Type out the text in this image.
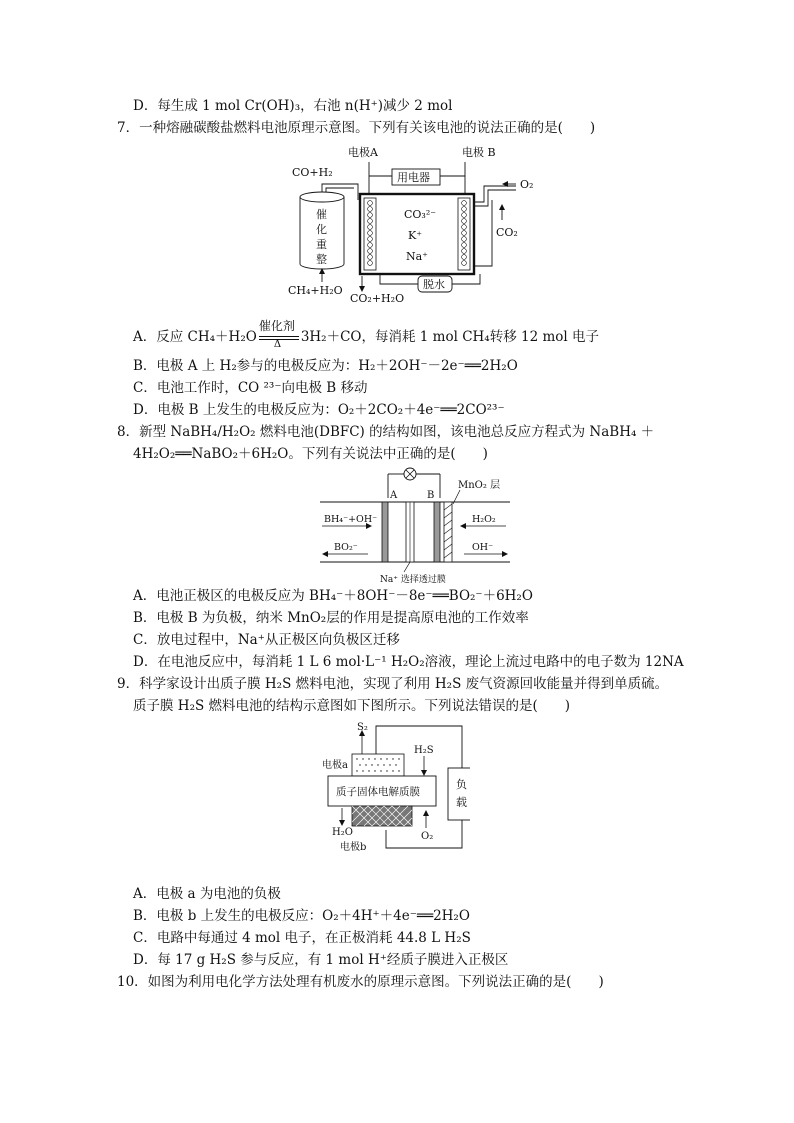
D．每生成 1 mol Cr(OH)₃，右池 n(H⁺)减少 2 mol
7．一种熔融碳酸盐燃料电池原理示意图。下列有关该电池的说法正确的是(　　)
电极A	电极 B
CO+H₂	用电器
催
化
重
整
CH₄+H₂O
CO₃²⁻
K⁺
Na⁺
O₂
CO₂
脱水
CO₂+H₂O
A．反应 CH₄＋H₂O
催化剂
Δ 3H₂＋CO，每消耗 1 mol CH₄转移 12 mol 电子
B．电极 A 上 H₂参与的电极反应为：H₂＋2OH⁻－2e⁻══2H₂O
C．电池工作时，CO ²³⁻向电极 B 移动
D．电极 B 上发生的电极反应为：O₂＋2CO₂＋4e⁻══2CO²³⁻
8．新型 NaBH₄/H₂O₂ 燃料电池(DBFC) 的结构如图，该电池总反应方程式为 NaBH₄ ＋
4H₂O₂══NaBO₂＋6H₂O。下列有关说法中正确的是(　　)
A	B
MnO₂ 层
BH₄⁻+OH⁻
BO₂⁻
H₂O₂
OH⁻
Na⁺ 选择透过膜
A．电池正极区的电极反应为 BH₄⁻＋8OH⁻－8e⁻══BO₂⁻＋6H₂O
B．电极 B 为负极，纳米 MnO₂层的作用是提高原电池的工作效率
C．放电过程中，Na⁺从正极区向负极区迁移
D．在电池反应中，每消耗 1 L 6 mol·L⁻¹ H₂O₂溶液，理论上流过电路中的电子数为 12NA
9．科学家设计出质子膜 H₂S 燃料电池，实现了利用 H₂S 废气资源回收能量并得到单质硫。
质子膜 H₂S 燃料电池的结构示意图如下图所示。下列说法错误的是(　　)
负
载
S₂
H₂S
电极a
质子固体电解质膜
H₂O	O₂
电极b
A．电极 a 为电池的负极
B．电极 b 上发生的电极反应：O₂＋4H⁺＋4e⁻══2H₂O
C．电路中每通过 4 mol 电子，在正极消耗 44.8 L H₂S
D．每 17 g H₂S 参与反应，有 1 mol H⁺经质子膜进入正极区
10．如图为利用电化学方法处理有机废水的原理示意图。下列说法正确的是(　　)
